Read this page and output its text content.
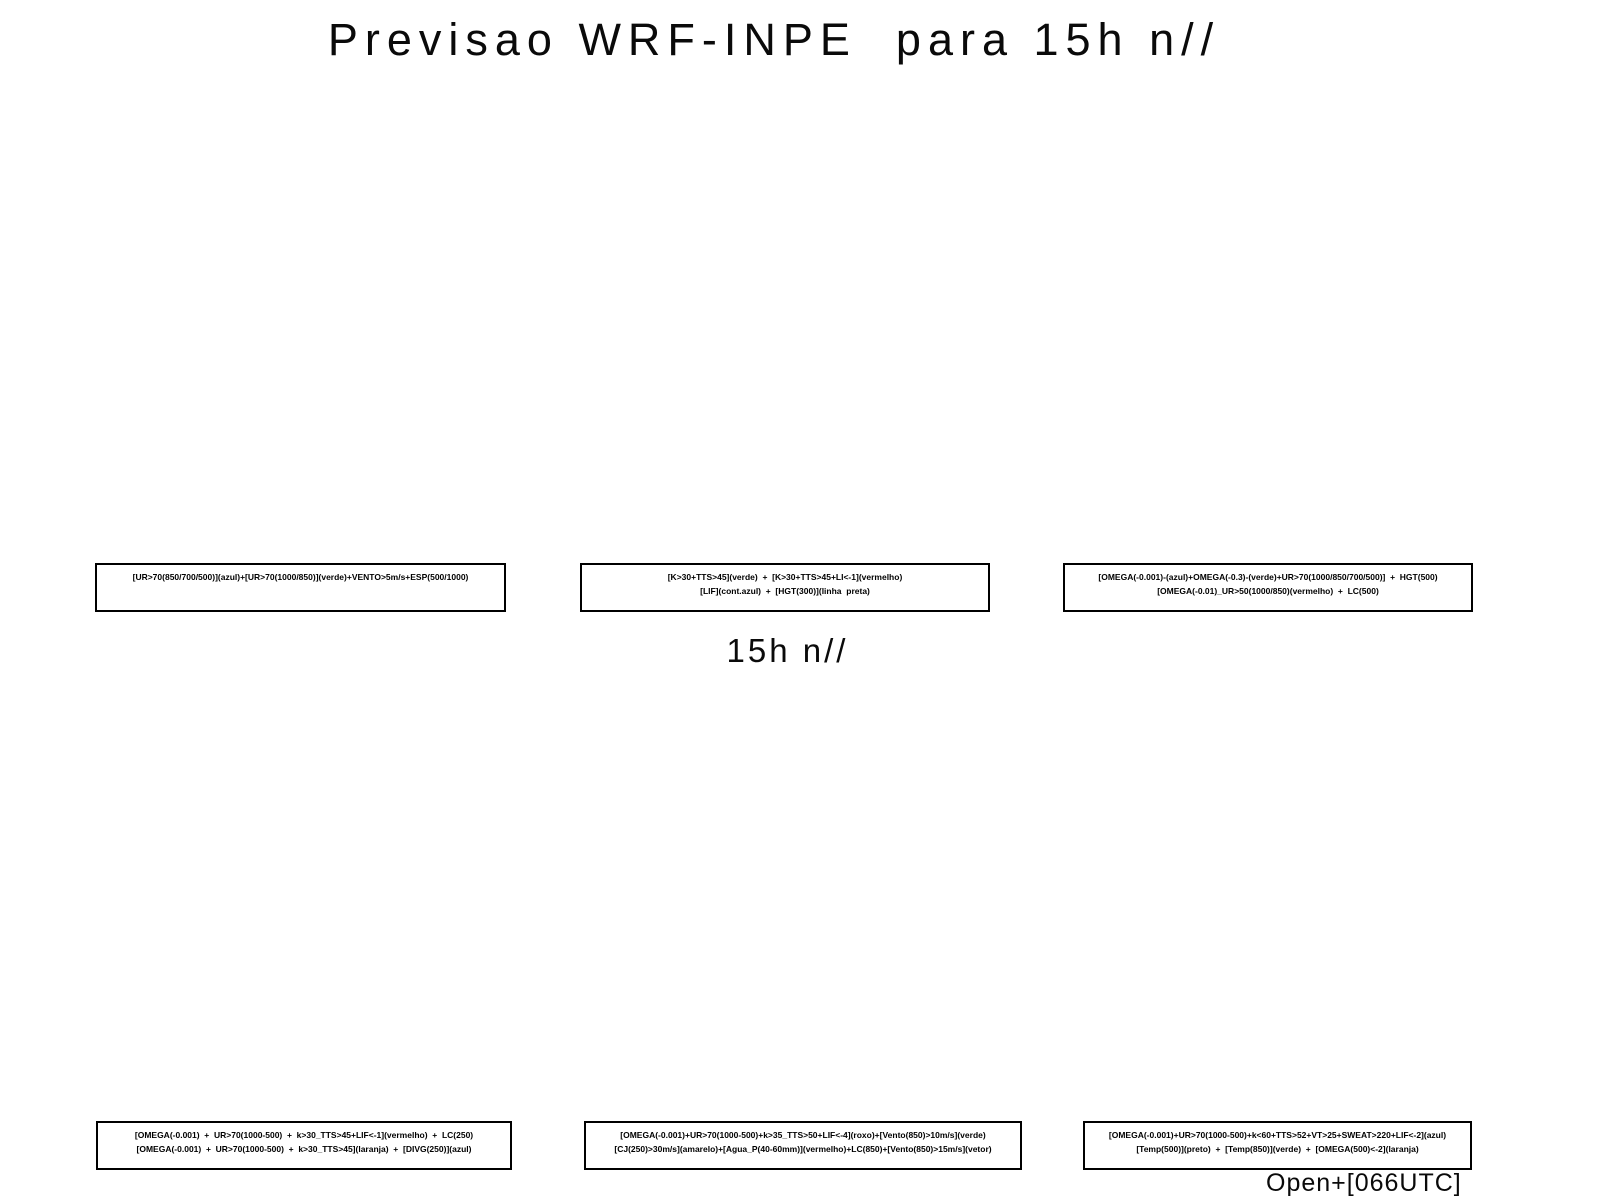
Previsao WRF-INPE  para 15h n//
[UR>70(850/700/500)](azul)+[UR>70(1000/850)](verde)+VENTO>5m/s+ESP(500/1000)	[K>30+TTS>45](verde)  +  [K>30+TTS>45+LI<-1](vermelho)
[LIF](cont.azul)  +  [HGT(300)](linha  preta)
[OMEGA(-0.001)-(azul)+OMEGA(-0.3)-(verde)+UR>70(1000/850/700/500)]  +  HGT(500)
[OMEGA(-0.01)_UR>50(1000/850)(vermelho)  +  LC(500)
15h n//
[OMEGA(-0.001)  +  UR>70(1000-500)  +  k>30_TTS>45+LIF<-1](vermelho)  +  LC(250)
[OMEGA(-0.001)  +  UR>70(1000-500)  +  k>30_TTS>45](laranja)  +  [DIVG(250)](azul)
[OMEGA(-0.001)+UR>70(1000-500)+k>35_TTS>50+LIF<-4](roxo)+[Vento(850)>10m/s](verde)
[CJ(250)>30m/s](amarelo)+[Agua_P(40-60mm)](vermelho)+LC(850)+[Vento(850)>15m/s](vetor)
[OMEGA(-0.001)+UR>70(1000-500)+k<60+TTS>52+VT>25+SWEAT>220+LIF<-2](azul)
[Temp(500)](preto)  +  [Temp(850)](verde)  +  [OMEGA(500)<-2](laranja)
Open+[066UTC]
